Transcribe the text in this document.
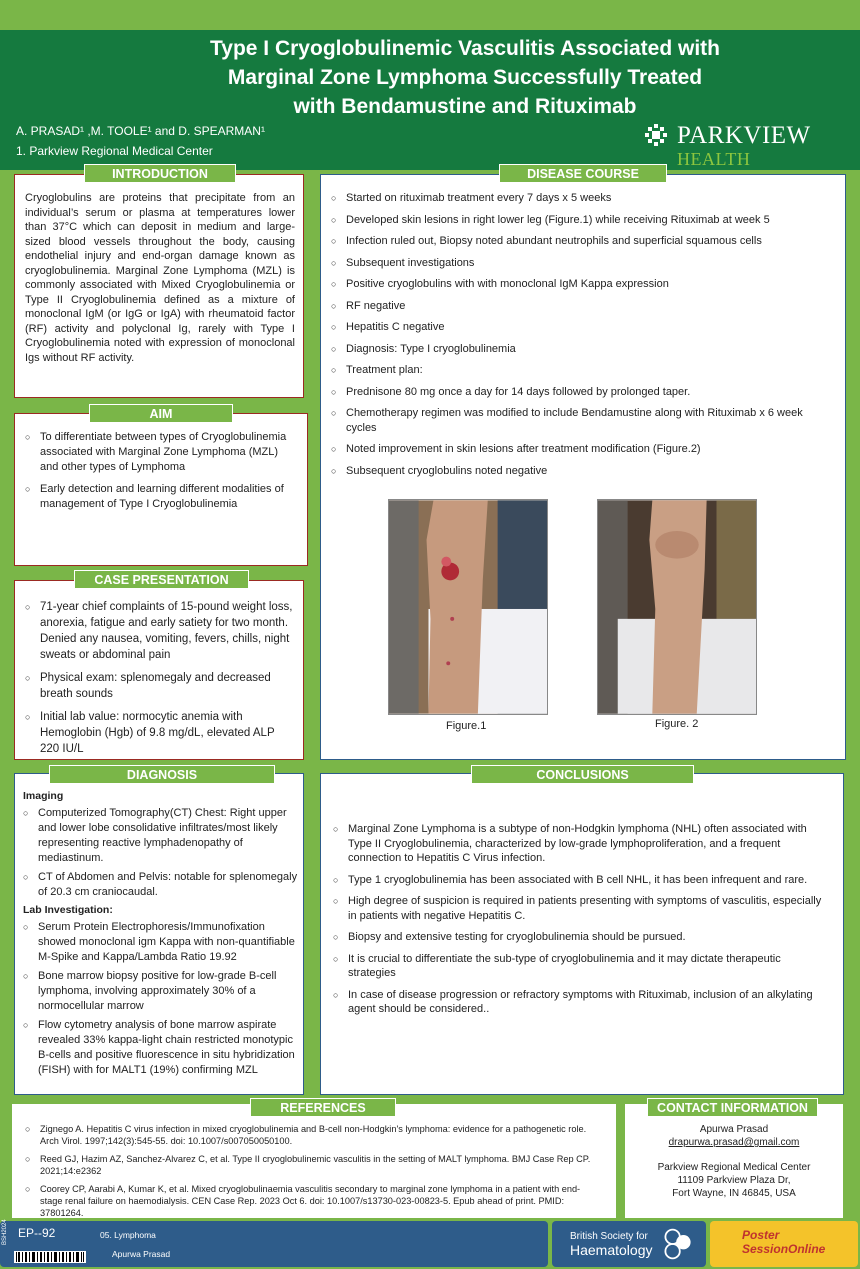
Type I Cryoglobulinemic Vasculitis Associated with
Marginal Zone Lymphoma Successfully Treated
with Bendamustine and Rituximab
A. PRASAD¹ ,M. TOOLE¹ and D. SPEARMAN¹
1. Parkview Regional Medical Center
PARKVIEW
HEALTH
Cryoglobulins are proteins that precipitate from an individual’s serum or plasma at temperatures lower than 37°C which can deposit in medium and large-sized blood vessels throughout the body, causing endothelial injury and end-organ damage known as cryoglobulinemia. Marginal Zone Lymphoma (MZL) is commonly associated with Mixed Cryoglobulinemia or Type II Cryoglobulinemia defined as a mixture of monoclonal IgM (or IgG or IgA) with rheumatoid factor (RF) activity and polyclonal Ig, rarely with Type I Cryoglobulinemia noted with expression of monoclonal Igs without RF activity.
INTRODUCTION
○ To differentiate between types of Cryoglobulinemia associated with Marginal Zone Lymphoma (MZL) and other types of Lymphoma
○ Early detection and learning different modalities of management of Type I Cryoglobulinemia
AIM
○ 71-year chief complaints of 15-pound weight loss, anorexia, fatigue and early satiety for two month. Denied any nausea, vomiting, fevers, chills, night sweats or abdominal pain
○ Physical exam: splenomegaly and decreased breath sounds
○ Initial lab value: normocytic anemia with Hemoglobin (Hgb) of 9.8 mg/dL, elevated ALP 220 IU/L
CASE PRESENTATION
○ Started on rituximab treatment every 7 days x 5 weeks
○ Developed skin lesions in right lower leg (Figure.1) while receiving Rituximab at week 5
○ Infection ruled out, Biopsy noted abundant neutrophils and superficial squamous cells
○ Subsequent investigations
○ Positive cryoglobulins with with monoclonal IgM Kappa expression
○ RF negative
○ Hepatitis C negative
○ Diagnosis: Type I cryoglobulinemia
○ Treatment plan:
○ Prednisone 80 mg once a day for 14 days followed by prolonged taper.
○ Chemotherapy regimen was modified to include Bendamustine along with Rituximab x 6 week cycles
○ Noted improvement in skin lesions after treatment modification (Figure.2)
○ Subsequent cryoglobulins noted negative
Figure.1	Figure. 2
DISEASE COURSE
Imaging
○ Computerized Tomography(CT) Chest: Right upper and lower lobe consolidative infiltrates/most likely representing reactive lymphadenopathy of mediastinum.
○ CT of Abdomen and Pelvis: notable for splenomegaly of 20.3 cm craniocaudal.
Lab Investigation:
○ Serum Protein Electrophoresis/Immunofixation showed monoclonal igm Kappa with non-quantifiable M-Spike and Kappa/Lambda Ratio 19.92
○ Bone marrow biopsy positive for low-grade B-cell lymphoma, involving approximately 30% of a normocellular marrow
○ Flow cytometry analysis of bone marrow aspirate revealed 33% kappa-light chain restricted monotypic B-cells and positive fluorescence in situ hybridization (FISH) with for MALT1 (19%) confirming MZL
DIAGNOSIS
○ Marginal Zone Lymphoma is a subtype of non-Hodgkin lymphoma (NHL) often associated with Type II Cryoglobulinemia, characterized by low-grade lymphoproliferation, and a frequent connection to Hepatitis C Virus infection.
○ Type 1 cryoglobulinemia has been associated with B cell NHL, it has been infrequent and rare.
○ High degree of suspicion is required in patients presenting with symptoms of vasculitis, especially in patients with negative Hepatitis C.
○ Biopsy and extensive testing for cryoglobulinemia should be pursued.
○ It is crucial to differentiate the sub-type of cryoglobulinemia and it may dictate therapeutic strategies
○ In case of disease progression or refractory symptoms with Rituximab, inclusion of an alkylating agent should be considered..
CONCLUSIONS
○ Zignego A. Hepatitis C virus infection in mixed cryoglobulinemia and B-cell non-Hodgkin's lymphoma: evidence for a pathogenetic role. Arch Virol. 1997;142(3):545-55. doi: 10.1007/s007050050100.
○ Reed GJ, Hazim AZ, Sanchez-Alvarez C, et al. Type II cryoglobulinemic vasculitis in the setting of MALT lymphoma. BMJ Case Rep CP. 2021;14:e2362
○ Coorey CP, Aarabi A, Kumar K, et al. Mixed cryoglobulinaemia vasculitis secondary to marginal zone lymphoma in a patient with end-stage renal failure on haemodialysis. CEN Case Rep. 2023 Oct 6. doi: 10.1007/s13730-023-00823-5. Epub ahead of print. PMID: 37801264.
REFERENCES
Apurwa Prasad
drapurwa.prasad@gmail.com
Parkview Regional Medical Center
11109 Parkview Plaza Dr,
Fort Wayne, IN 46845, USA
CONTACT INFORMATION
BSH2024 EP--92	05. Lymphoma
Apurwa Prasad
British Society for
Haematology
Poster
SessionOnline
